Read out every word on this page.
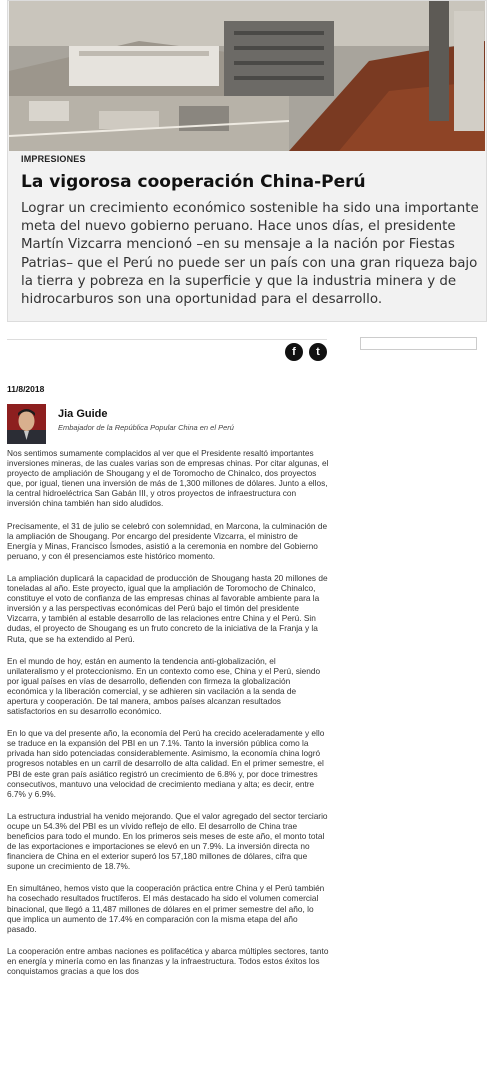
IMPRESIONES
La vigorosa cooperación China-Perú
Lograr un crecimiento económico sostenible ha sido una importante meta del nuevo gobierno peruano. Hace unos días, el presidente Martín Vizcarra mencionó –en su mensaje a la nación por Fiestas Patrias– que el Perú no puede ser un país con una gran riqueza bajo la tierra y pobreza en la superficie y que la industria minera y de hidrocarburos son una oportunidad para el desarrollo.
f	t
11/8/2018
Jia Guide
Embajador de la República Popular China en el Perú

Nos sentimos sumamente complacidos al ver que el Presidente resaltó importantes inversiones mineras, de las cuales varias son de empresas chinas. Por citar algunas, el proyecto de ampliación de Shougang y el de Toromocho de Chinalco, dos proyectos que, por igual, tienen una inversión de más de 1,300 millones de dólares. Junto a ellos, la central hidroeléctrica San Gabán III, y otros proyectos de infraestructura con inversión china también han sido aludidos.

Precisamente, el 31 de julio se celebró con solemnidad, en Marcona, la culminación de la ampliación de Shougang. Por encargo del presidente Vizcarra, el ministro de Energía y Minas, Francisco Ísmodes, asistió a la ceremonia en nombre del Gobierno peruano, y con él presenciamos este histórico momento.

La ampliación duplicará la capacidad de producción de Shougang hasta 20 millones de toneladas al año. Este proyecto, igual que la ampliación de Toromocho de Chinalco, constituye el voto de confianza de las empresas chinas al favorable ambiente para la inversión y a las perspectivas económicas del Perú bajo el timón del presidente Vizcarra, y también al estable desarrollo de las relaciones entre China y el Perú. Sin dudas, el proyecto de Shougang es un fruto concreto de la iniciativa de la Franja y la Ruta, que se ha extendido al Perú.

En el mundo de hoy, están en aumento la tendencia anti-globalización, el unilateralismo y el proteccionismo. En un contexto como ese, China y el Perú, siendo por igual países en vías de desarrollo, defienden con firmeza la globalización económica y la liberación comercial, y se adhieren sin vacilación a la senda de apertura y cooperación. De tal manera, ambos países alcanzan resultados satisfactorios en su desarrollo económico.

En lo que va del presente año, la economía del Perú ha crecido aceleradamente y ello se traduce en la expansión del PBI en un 7.1%. Tanto la inversión pública como la privada han sido potenciadas considerablemente. Asimismo, la economía china logró progresos notables en un carril de desarrollo de alta calidad. En el primer semestre, el PBI de este gran país asiático registró un crecimiento de 6.8% y, por doce trimestres consecutivos, mantuvo una velocidad de crecimiento mediana y alta; es decir, entre 6.7% y 6.9%.

La estructura industrial ha venido mejorando. Que el valor agregado del sector terciario ocupe un 54.3% del PBI es un vívido reflejo de ello. El desarrollo de China trae beneficios para todo el mundo. En los primeros seis meses de este año, el monto total de las exportaciones e importaciones se elevó en un 7.9%. La inversión directa no financiera de China en el exterior superó los 57,180 millones de dólares, cifra que supone un crecimiento de 18.7%.

En simultáneo, hemos visto que la cooperación práctica entre China y el Perú también ha cosechado resultados fructíferos. El más destacado ha sido el volumen comercial binacional, que llegó a 11,487 millones de dólares en el primer semestre del año, lo que implica un aumento de 17.4% en comparación con la misma etapa del año pasado.

La cooperación entre ambas naciones es polifacética y abarca múltiples sectores, tanto en energía y minería como en las finanzas y la infraestructura. Todos estos éxitos los conquistamos gracias a que los dos
